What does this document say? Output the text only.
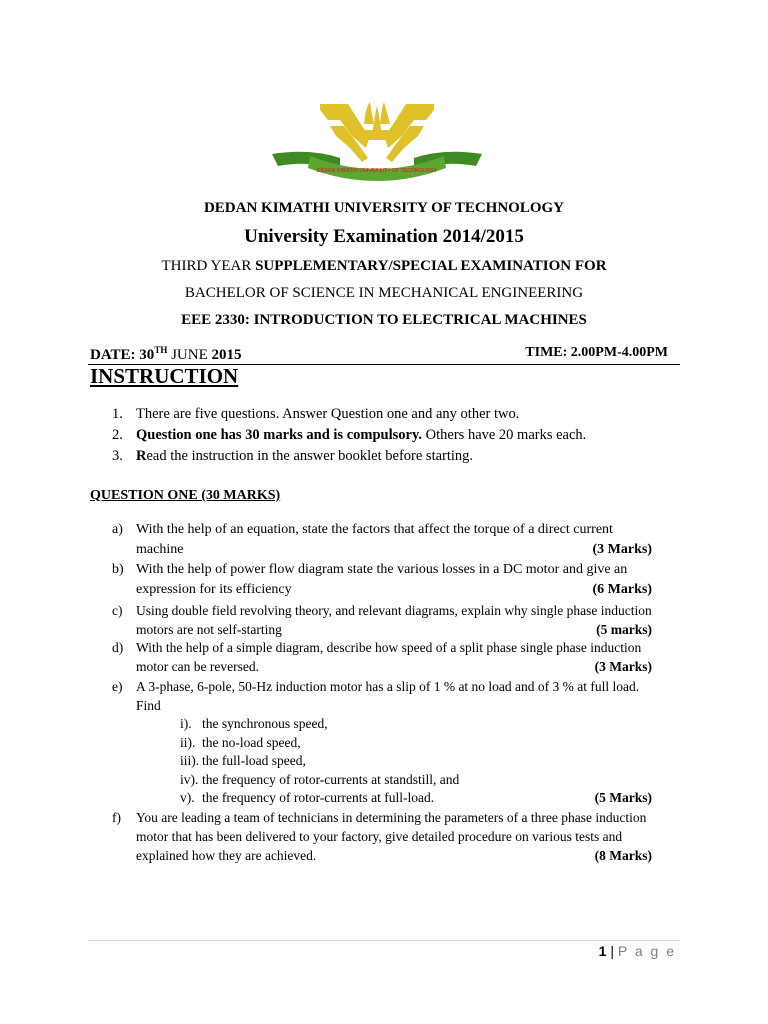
DEDAN KIMATHI UNIVERSITY OF TECHNOLOGY
DEDAN KIMATHI UNIVERSITY OF TECHNOLOGY
University Examination 2014/2015
THIRD YEAR SUPPLEMENTARY/SPECIAL EXAMINATION FOR
BACHELOR OF SCIENCE IN MECHANICAL ENGINEERING
EEE 2330: INTRODUCTION TO ELECTRICAL MACHINES
DATE: 30TH JUNE 2015	TIME: 2.00PM-4.00PM
INSTRUCTION
1. There are five questions. Answer Question one and any other two.
2. Question one has 30 marks and is compulsory. Others have 20 marks each.
3. Read the instruction in the answer booklet before starting.
QUESTION ONE (30 MARKS)
a) With the help of an equation, state the factors that affect the torque of a direct current
machine	(3 Marks)
b) With the help of power flow diagram state the various losses in a DC motor and give an
expression for its efficiency	(6 Marks)
c) Using double field revolving theory, and relevant diagrams, explain why single phase induction
motors are not self-starting	(5 marks)
d) With the help of a simple diagram, describe how speed of a split phase single phase induction
motor can be reversed.	(3 Marks)
e) A 3-phase, 6-pole, 50-Hz induction motor has a slip of 1 % at no load and of 3 % at full load.
Find
i). the synchronous speed,
ii). the no-load speed,
iii). the full-load speed,
iv). the frequency of rotor-currents at standstill, and
v). the frequency of rotor-currents at full-load.	(5 Marks)
f) You are leading a team of technicians in determining the parameters of a three phase induction
motor that has been delivered to your factory, give detailed procedure on various tests and
explained how they are achieved.	(8 Marks)
1 | P a g e
